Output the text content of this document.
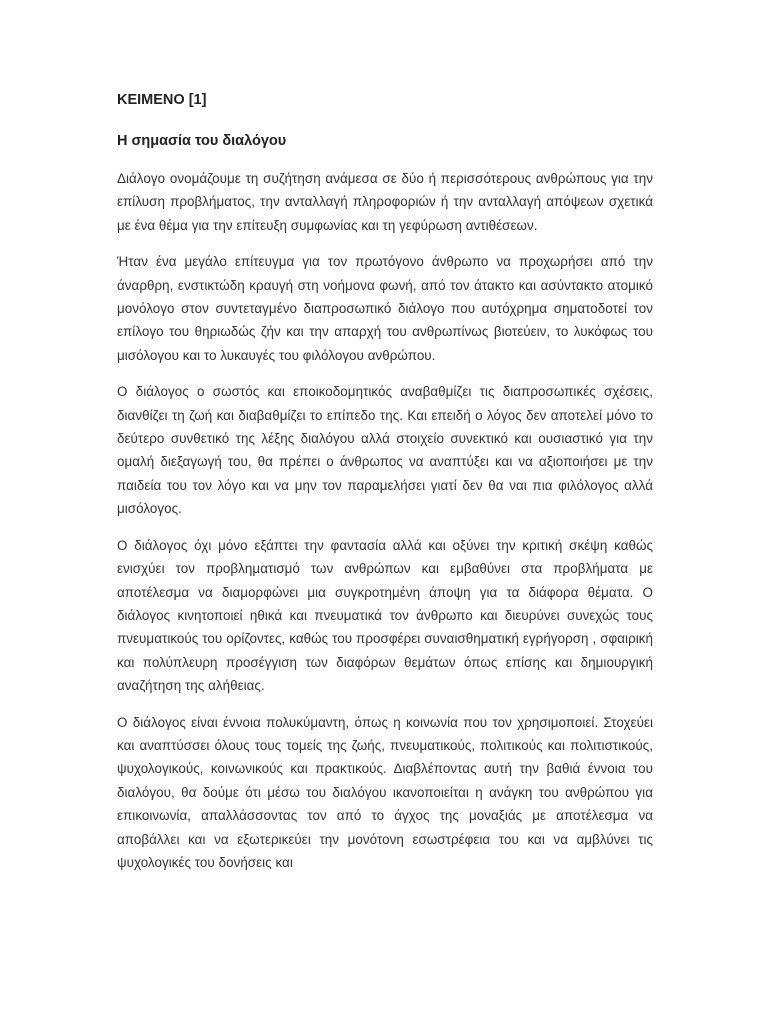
ΚΕΙΜΕΝΟ [1]
Η σημασία του διαλόγου

Διάλογο ονομάζουμε τη συζήτηση ανάμεσα σε δύο ή περισσότερους ανθρώπους για την επίλυση προβλήματος, την ανταλλαγή πληροφοριών ή την ανταλλαγή απόψεων σχετικά με ένα θέμα για την επίτευξη συμφωνίας και τη γεφύρωση αντιθέσεων.

Ήταν ένα μεγάλο επίτευγμα για τον πρωτόγονο άνθρωπο να προχωρήσει από την άναρθρη, ενστικτώδη κραυγή στη νοήμονα φωνή, από τον άτακτο και ασύντακτο ατομικό μονόλογο στον συντεταγμένο διαπροσωπικό διάλογο που αυτόχρημα σηματοδοτεί τον επίλογο του θηριωδώς ζήν και την απαρχή του ανθρωπίνως βιοτεύειν, το λυκόφως του μισόλογου και το λυκαυγές του φιλόλογου ανθρώπου.

Ο διάλογος ο σωστός και εποικοδομητικός αναβαθμίζει τις διαπροσωπικές σχέσεις, διανθίζει τη ζωή και διαβαθμίζει το επίπεδο της. Και επειδή ο λόγος δεν αποτελεί μόνο το δεύτερο συνθετικό της λέξης διαλόγου αλλά στοιχείο συνεκτικό και ουσιαστικό για την ομαλή διεξαγωγή του, θα πρέπει ο άνθρωπος να αναπτύξει και να αξιοποιήσει με την παιδεία του τον λόγο και να μην τον παραμελήσει γιατί δεν θα ναι πια φιλόλογος αλλά μισόλογος.

Ο διάλογος όχι μόνο εξάπτει την φαντασία αλλά και οξύνει την κριτική σκέψη καθώς ενισχύει τον προβληματισμό των ανθρώπων και εμβαθύνει στα προβλήματα με αποτέλεσμα να διαμορφώνει μια συγκροτημένη άποψη για τα διάφορα θέματα. Ο διάλογος κινητοποιεί ηθικά και πνευματικά τον άνθρωπο και διευρύνει συνεχώς τους πνευματικούς του ορίζοντες, καθώς του προσφέρει συναισθηματική εγρήγορση , σφαιρική και πολύπλευρη προσέγγιση των διαφόρων θεμάτων όπως επίσης και δημιουργική αναζήτηση της αλήθειας.

Ο διάλογος είναι έννοια πολυκύμαντη, όπως η κοινωνία που τον χρησιμοποιεί. Στοχεύει και αναπτύσσει όλους τους τομείς της ζωής, πνευματικούς, πολιτικούς και πολιτιστικούς, ψυχολογικούς, κοινωνικούς και πρακτικούς. Διαβλέποντας αυτή την βαθιά έννοια του διαλόγου, θα δούμε ότι μέσω του διαλόγου ικανοποιείται η ανάγκη του ανθρώπου για επικοινωνία, απαλλάσσοντας τον από το άγχος της μοναξιάς με αποτέλεσμα να αποβάλλει και να εξωτερικεύει την μονότονη εσωστρέφεια του και να αμβλύνει τις ψυχολογικές του δονήσεις και
